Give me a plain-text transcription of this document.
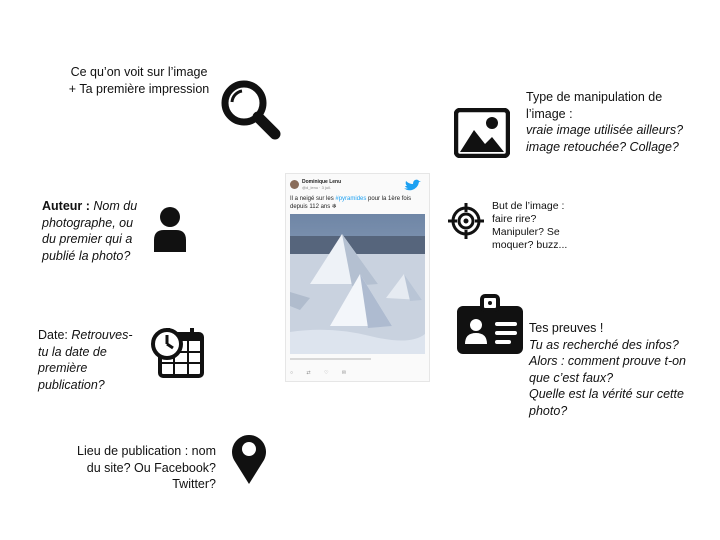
Ce qu’on voit sur l’image
+ Ta première impression
Type de manipulation de
l’image :
vraie image utilisée ailleurs?
image retouchée? Collage?
Auteur : Nom du
photographe, ou
du premier qui a
publié la photo?
Dominique Lenu
@d_lenu · 3 juil.
Il a neigé sur les #pyramides pour la 1ère fois
depuis 112 ans ❄
○ ⇄ ♡ ✉
But de l’image :
faire rire?
Manipuler? Se
moquer? buzz...
Date: Retrouves-
tu la date de
première
publication?
Tes preuves !
Tu as recherché des infos?
Alors : comment prouve t-on
que c’est faux?
Quelle est la vérité sur cette
photo?
Lieu de publication : nom
du site? Ou Facebook?
Twitter?
